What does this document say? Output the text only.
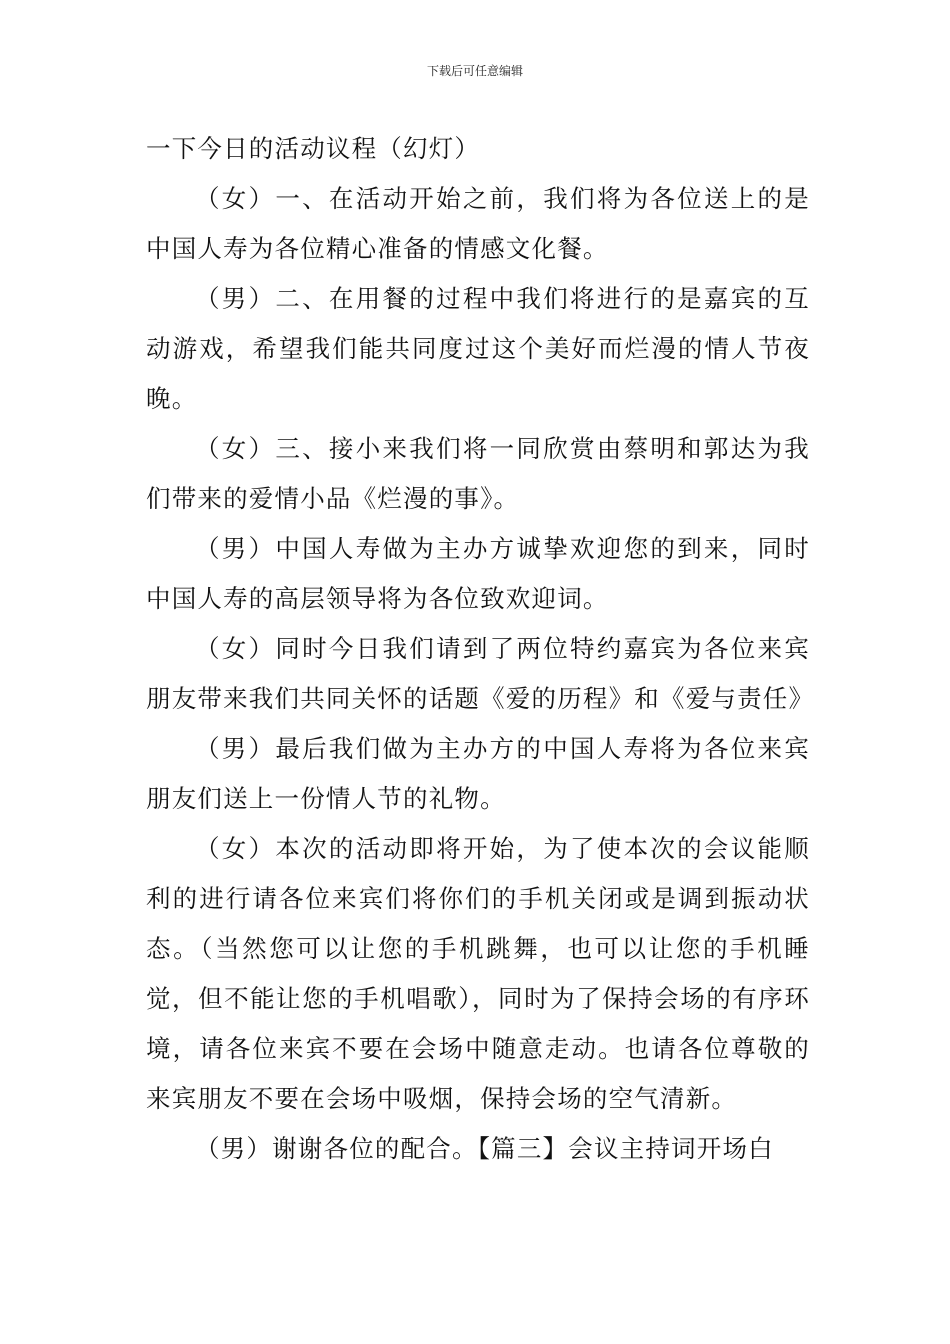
下载后可任意编辑

一下今日的活动议程（幻灯）

（女）一、在活动开始之前，我们将为各位送上的是中国人寿为各位精心准备的情感文化餐。

（男）二、在用餐的过程中我们将进行的是嘉宾的互动游戏，希望我们能共同度过这个美好而烂漫的情人节夜晚。

（女）三、接小来我们将一同欣赏由蔡明和郭达为我们带来的爱情小品《烂漫的事》。

（男）中国人寿做为主办方诚挚欢迎您的到来，同时中国人寿的高层领导将为各位致欢迎词。

（女）同时今日我们请到了两位特约嘉宾为各位来宾朋友带来我们共同关怀的话题《爱的历程》和《爱与责任》

（男）最后我们做为主办方的中国人寿将为各位来宾朋友们送上一份情人节的礼物。

（女）本次的活动即将开始，为了使本次的会议能顺利的进行请各位来宾们将你们的手机关闭或是调到振动状态。（当然您可以让您的手机跳舞，也可以让您的手机睡觉，但不能让您的手机唱歌），同时为了保持会场的有序环境，请各位来宾不要在会场中随意走动。也请各位尊敬的来宾朋友不要在会场中吸烟，保持会场的空气清新。

（男）谢谢各位的配合。【篇三】会议主持词开场白
